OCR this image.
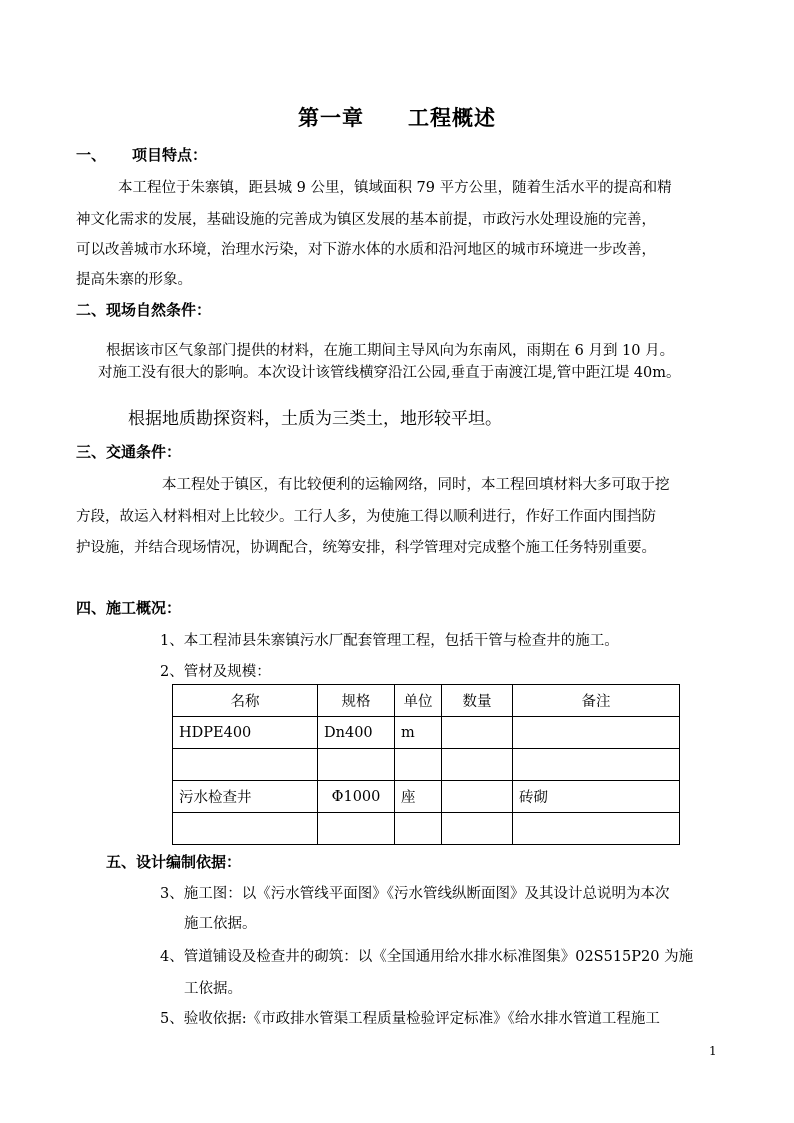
第一章　　工程概述
一、 项目特点：
本工程位于朱寨镇，距县城 9 公里，镇域面积 79 平方公里，随着生活水平的提高和精
神文化需求的发展，基础设施的完善成为镇区发展的基本前提，市政污水处理设施的完善，
可以改善城市水环境，治理水污染，对下游水体的水质和沿河地区的城市环境进一步改善，
提高朱寨的形象。
二、现场自然条件：
根据该市区气象部门提供的材料，在施工期间主导风向为东南风，雨期在 6 月到 10 月。
对施工没有很大的影响。本次设计该管线横穿沿江公园,垂直于南渡江堤,管中距江堤 40m。
根据地质勘探资料，土质为三类土，地形较平坦。
三、交通条件：
本工程处于镇区，有比较便利的运输网络，同时，本工程回填材料大多可取于挖
方段，故运入材料相对上比较少。工行人多，为使施工得以顺利进行，作好工作面内围挡防
护设施，并结合现场情况，协调配合，统筹安排，科学管理对完成整个施工任务特别重要。
四、施工概况：
1、本工程沛县朱寨镇污水厂配套管理工程，包括干管与检查井的施工。
2、管材及规模：
名称	规格	单位	数量	备注
HDPE400	Dn400	m		

污水检查井	Φ1000	座		砖砌

五、设计编制依据：
3、施工图：以《污水管线平面图》《污水管线纵断面图》及其设计总说明为本次
施工依据。
4、管道铺设及检查井的砌筑：以《全国通用给水排水标准图集》02S515P20 为施
工依据。
5、验收依据:《市政排水管渠工程质量检验评定标准》《给水排水管道工程施工
1
